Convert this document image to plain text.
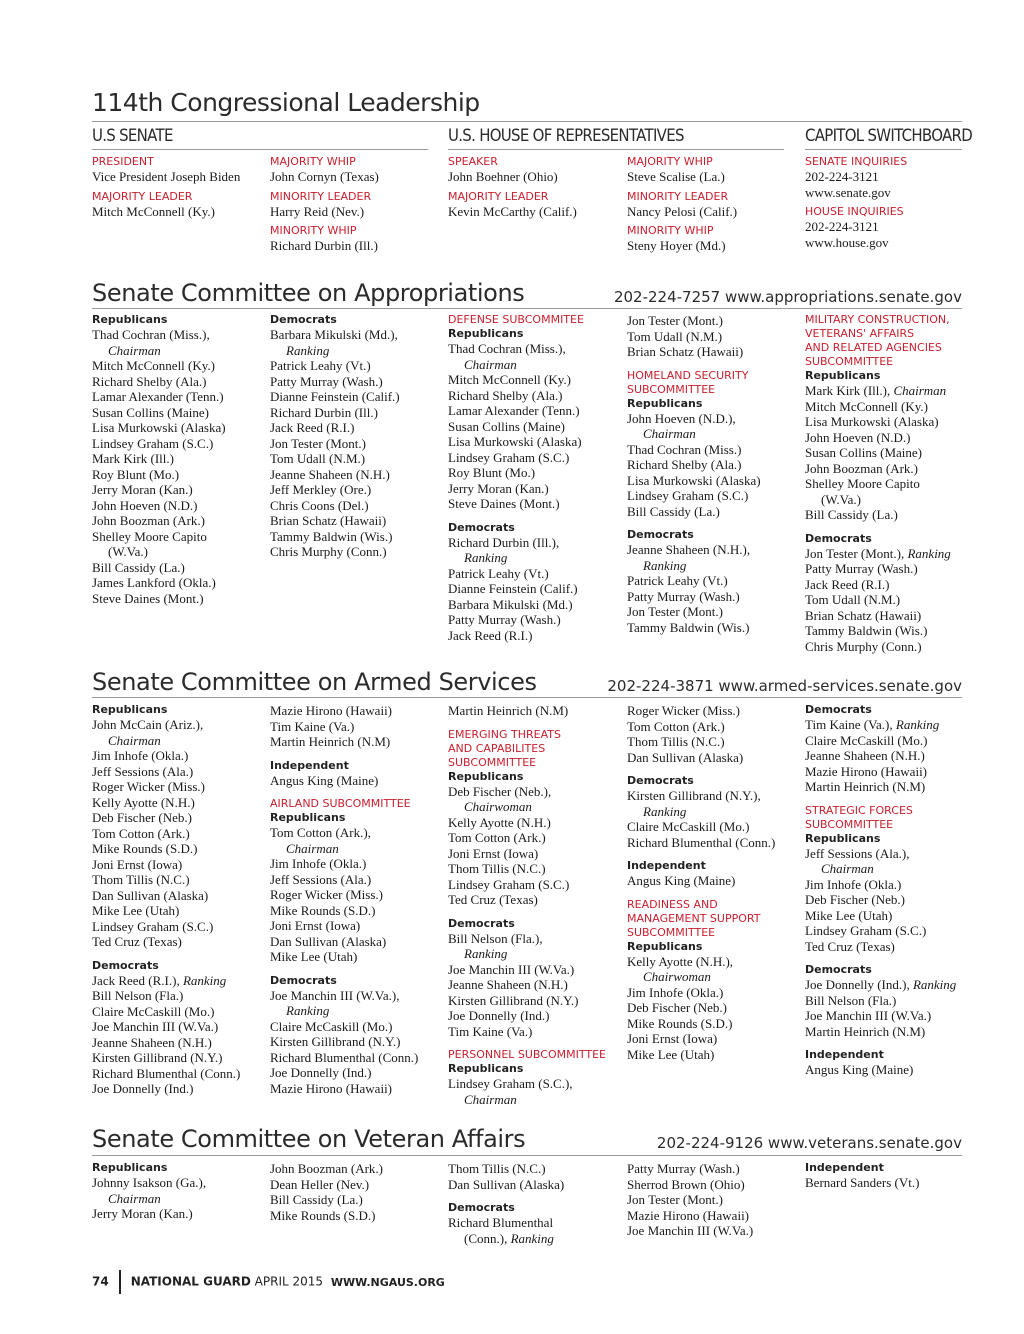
114th Congressional Leadership
U.S SENATE	U.S. HOUSE OF REPRESENTATIVES	CAPITOL SWITCHBOARD
PRESIDENT
Vice President Joseph Biden
MAJORITY LEADER
Mitch McConnell (Ky.)
MAJORITY WHIP
John Cornyn (Texas)
MINORITY LEADER
Harry Reid (Nev.)
MINORITY WHIP
Richard Durbin (Ill.)
SPEAKER
John Boehner (Ohio)
MAJORITY LEADER
Kevin McCarthy (Calif.)
MAJORITY WHIP
Steve Scalise (La.)
MINORITY LEADER
Nancy Pelosi (Calif.)
MINORITY WHIP
Steny Hoyer (Md.)
SENATE INQUIRIES
202-224-3121
www.senate.gov
HOUSE INQUIRIES
202-224-3121
www.house.gov
Senate Committee on Appropriations	202-224-7257 www.appropriations.senate.gov
Republicans
Thad Cochran (Miss.),
Chairman
Mitch McConnell (Ky.)
Richard Shelby (Ala.)
Lamar Alexander (Tenn.)
Susan Collins (Maine)
Lisa Murkowski (Alaska)
Lindsey Graham (S.C.)
Mark Kirk (Ill.)
Roy Blunt (Mo.)
Jerry Moran (Kan.)
John Hoeven (N.D.)
John Boozman (Ark.)
Shelley Moore Capito
(W.Va.)
Bill Cassidy (La.)
James Lankford (Okla.)
Steve Daines (Mont.)
Democrats
Barbara Mikulski (Md.),
Ranking
Patrick Leahy (Vt.)
Patty Murray (Wash.)
Dianne Feinstein (Calif.)
Richard Durbin (Ill.)
Jack Reed (R.I.)
Jon Tester (Mont.)
Tom Udall (N.M.)
Jeanne Shaheen (N.H.)
Jeff Merkley (Ore.)
Chris Coons (Del.)
Brian Schatz (Hawaii)
Tammy Baldwin (Wis.)
Chris Murphy (Conn.)
DEFENSE SUBCOMMITEE
Republicans
Thad Cochran (Miss.),
Chairman
Mitch McConnell (Ky.)
Richard Shelby (Ala.)
Lamar Alexander (Tenn.)
Susan Collins (Maine)
Lisa Murkowski (Alaska)
Lindsey Graham (S.C.)
Roy Blunt (Mo.)
Jerry Moran (Kan.)
Steve Daines (Mont.)
Democrats
Richard Durbin (Ill.),
Ranking
Patrick Leahy (Vt.)
Dianne Feinstein (Calif.)
Barbara Mikulski (Md.)
Patty Murray (Wash.)
Jack Reed (R.I.)
Jon Tester (Mont.)
Tom Udall (N.M.)
Brian Schatz (Hawaii)
HOMELAND SECURITY
SUBCOMMITTEE
Republicans
John Hoeven (N.D.),
Chairman
Thad Cochran (Miss.)
Richard Shelby (Ala.)
Lisa Murkowski (Alaska)
Lindsey Graham (S.C.)
Bill Cassidy (La.)
Democrats
Jeanne Shaheen (N.H.),
Ranking
Patrick Leahy (Vt.)
Patty Murray (Wash.)
Jon Tester (Mont.)
Tammy Baldwin (Wis.)
MILITARY CONSTRUCTION,
VETERANS' AFFAIRS
AND RELATED AGENCIES
SUBCOMMITTEE
Republicans
Mark Kirk (Ill.), Chairman
Mitch McConnell (Ky.)
Lisa Murkowski (Alaska)
John Hoeven (N.D.)
Susan Collins (Maine)
John Boozman (Ark.)
Shelley Moore Capito
(W.Va.)
Bill Cassidy (La.)
Democrats
Jon Tester (Mont.), Ranking
Patty Murray (Wash.)
Jack Reed (R.I.)
Tom Udall (N.M.)
Brian Schatz (Hawaii)
Tammy Baldwin (Wis.)
Chris Murphy (Conn.)
Senate Committee on Armed Services	202-224-3871 www.armed-services.senate.gov
Republicans
John McCain (Ariz.),
Chairman
Jim Inhofe (Okla.)
Jeff Sessions (Ala.)
Roger Wicker (Miss.)
Kelly Ayotte (N.H.)
Deb Fischer (Neb.)
Tom Cotton (Ark.)
Mike Rounds (S.D.)
Joni Ernst (Iowa)
Thom Tillis (N.C.)
Dan Sullivan (Alaska)
Mike Lee (Utah)
Lindsey Graham (S.C.)
Ted Cruz (Texas)
Democrats
Jack Reed (R.I.), Ranking
Bill Nelson (Fla.)
Claire McCaskill (Mo.)
Joe Manchin III (W.Va.)
Jeanne Shaheen (N.H.)
Kirsten Gillibrand (N.Y.)
Richard Blumenthal (Conn.)
Joe Donnelly (Ind.)
Mazie Hirono (Hawaii)
Tim Kaine (Va.)
Martin Heinrich (N.M)
Independent
Angus King (Maine)
AIRLAND SUBCOMMITTEE
Republicans
Tom Cotton (Ark.),
Chairman
Jim Inhofe (Okla.)
Jeff Sessions (Ala.)
Roger Wicker (Miss.)
Mike Rounds (S.D.)
Joni Ernst (Iowa)
Dan Sullivan (Alaska)
Mike Lee (Utah)
Democrats
Joe Manchin III (W.Va.),
Ranking
Claire McCaskill (Mo.)
Kirsten Gillibrand (N.Y.)
Richard Blumenthal (Conn.)
Joe Donnelly (Ind.)
Mazie Hirono (Hawaii)
Martin Heinrich (N.M)
EMERGING THREATS
AND CAPABILITES
SUBCOMMITTEE
Republicans
Deb Fischer (Neb.),
Chairwoman
Kelly Ayotte (N.H.)
Tom Cotton (Ark.)
Joni Ernst (Iowa)
Thom Tillis (N.C.)
Lindsey Graham (S.C.)
Ted Cruz (Texas)
Democrats
Bill Nelson (Fla.),
Ranking
Joe Manchin III (W.Va.)
Jeanne Shaheen (N.H.)
Kirsten Gillibrand (N.Y.)
Joe Donnelly (Ind.)
Tim Kaine (Va.)
PERSONNEL SUBCOMMITTEE
Republicans
Lindsey Graham (S.C.),
Chairman
Roger Wicker (Miss.)
Tom Cotton (Ark.)
Thom Tillis (N.C.)
Dan Sullivan (Alaska)
Democrats
Kirsten Gillibrand (N.Y.),
Ranking
Claire McCaskill (Mo.)
Richard Blumenthal (Conn.)
Independent
Angus King (Maine)
READINESS AND
MANAGEMENT SUPPORT
SUBCOMMITTEE
Republicans
Kelly Ayotte (N.H.),
Chairwoman
Jim Inhofe (Okla.)
Deb Fischer (Neb.)
Mike Rounds (S.D.)
Joni Ernst (Iowa)
Mike Lee (Utah)
Democrats
Tim Kaine (Va.), Ranking
Claire McCaskill (Mo.)
Jeanne Shaheen (N.H.)
Mazie Hirono (Hawaii)
Martin Heinrich (N.M)
STRATEGIC FORCES
SUBCOMMITTEE
Republicans
Jeff Sessions (Ala.),
Chairman
Jim Inhofe (Okla.)
Deb Fischer (Neb.)
Mike Lee (Utah)
Lindsey Graham (S.C.)
Ted Cruz (Texas)
Democrats
Joe Donnelly (Ind.), Ranking
Bill Nelson (Fla.)
Joe Manchin III (W.Va.)
Martin Heinrich (N.M)
Independent
Angus King (Maine)
Senate Committee on Veteran Affairs	202-224-9126 www.veterans.senate.gov
Republicans
Johnny Isakson (Ga.),
Chairman
Jerry Moran (Kan.)
John Boozman (Ark.)
Dean Heller (Nev.)
Bill Cassidy (La.)
Mike Rounds (S.D.)
Thom Tillis (N.C.)
Dan Sullivan (Alaska)
Democrats
Richard Blumenthal
(Conn.), Ranking
Patty Murray (Wash.)
Sherrod Brown (Ohio)
Jon Tester (Mont.)
Mazie Hirono (Hawaii)
Joe Manchin III (W.Va.)
Independent
Bernard Sanders (Vt.)
74 NATIONAL GUARD APRIL 2015 WWW.NGAUS.ORG
